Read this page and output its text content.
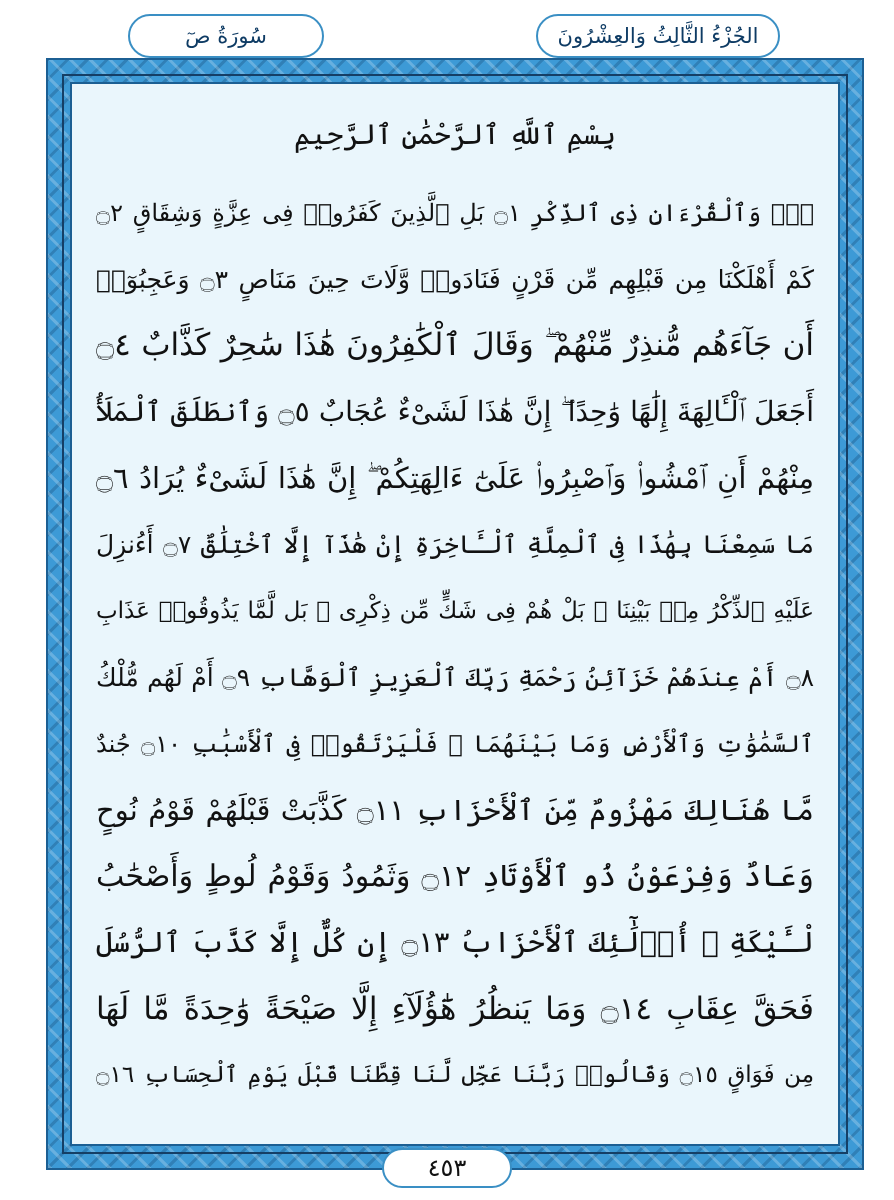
سُورَةُ صٓ	الجُزْءُ الثَّالِثُ وَالعِشْرُونَ
بِسْمِ ٱللَّهِ ٱلرَّحْمَٰنِ ٱلرَّحِيمِ
صٓۚ وَٱلْقُرْءَانِ ذِى ٱلذِّكْرِ ۝١ بَلِ ٱلَّذِينَ كَفَرُوا۟ فِى عِزَّةٍ وَشِقَاقٍ ۝٢
كَمْ أَهْلَكْنَا مِن قَبْلِهِم مِّن قَرْنٍ فَنَادَوا۟ وَّلَاتَ حِينَ مَنَاصٍ ۝٣ وَعَجِبُوٓا۟
أَن جَآءَهُم مُّنذِرٌ مِّنْهُمْ ۖ وَقَالَ ٱلْكَٰفِرُونَ هَٰذَا سَٰحِرٌ كَذَّابٌ ۝٤
أَجَعَلَ ٱلْـَٔالِهَةَ إِلَٰهًا وَٰحِدًا ۖ إِنَّ هَٰذَا لَشَىْءٌ عُجَابٌ ۝٥ وَٱنطَلَقَ ٱلْمَلَأُ
مِنْهُمْ أَنِ ٱمْشُوا۟ وَٱصْبِرُوا۟ عَلَىٰٓ ءَالِهَتِكُمْ ۖ إِنَّ هَٰذَا لَشَىْءٌ يُرَادُ ۝٦
مَا سَمِعْنَا بِهَٰذَا فِى ٱلْمِلَّةِ ٱلْـَٔاخِرَةِ إِنْ هَٰذَآ إِلَّا ٱخْتِلَٰقٌ ۝٧ أَءُنزِلَ
عَلَيْهِ ٱلذِّكْرُ مِنۢ بَيْنِنَا ۚ بَلْ هُمْ فِى شَكٍّ مِّن ذِكْرِى ۖ بَل لَّمَّا يَذُوقُوا۟ عَذَابِ
۝٨ أَمْ عِندَهُمْ خَزَآئِنُ رَحْمَةِ رَبِّكَ ٱلْعَزِيزِ ٱلْوَهَّابِ ۝٩ أَمْ لَهُم مُّلْكُ
ٱلسَّمَٰوَٰتِ وَٱلْأَرْضِ وَمَا بَيْنَهُمَا ۖ فَلْيَرْتَقُوا۟ فِى ٱلْأَسْبَٰبِ ۝١٠ جُندٌ
مَّا هُنَالِكَ مَهْزُومٌ مِّنَ ٱلْأَحْزَابِ ۝١١ كَذَّبَتْ قَبْلَهُمْ قَوْمُ نُوحٍ
وَعَادٌ وَفِرْعَوْنُ ذُو ٱلْأَوْتَادِ ۝١٢ وَثَمُودُ وَقَوْمُ لُوطٍ وَأَصْحَٰبُ
لْـَٔيْكَةِ ۚ أُو۟لَٰٓئِكَ ٱلْأَحْزَابُ ۝١٣ إِن كُلٌّ إِلَّا كَذَّبَ ٱلرُّسُلَ
فَحَقَّ عِقَابِ ۝١٤ وَمَا يَنظُرُ هَٰٓؤُلَآءِ إِلَّا صَيْحَةً وَٰحِدَةً مَّا لَهَا
مِن فَوَاقٍ ۝١٥ وَقَالُوا۟ رَبَّنَا عَجِّل لَّنَا قِطَّنَا قَبْلَ يَوْمِ ٱلْحِسَابِ ۝١٦
٤٥٣
